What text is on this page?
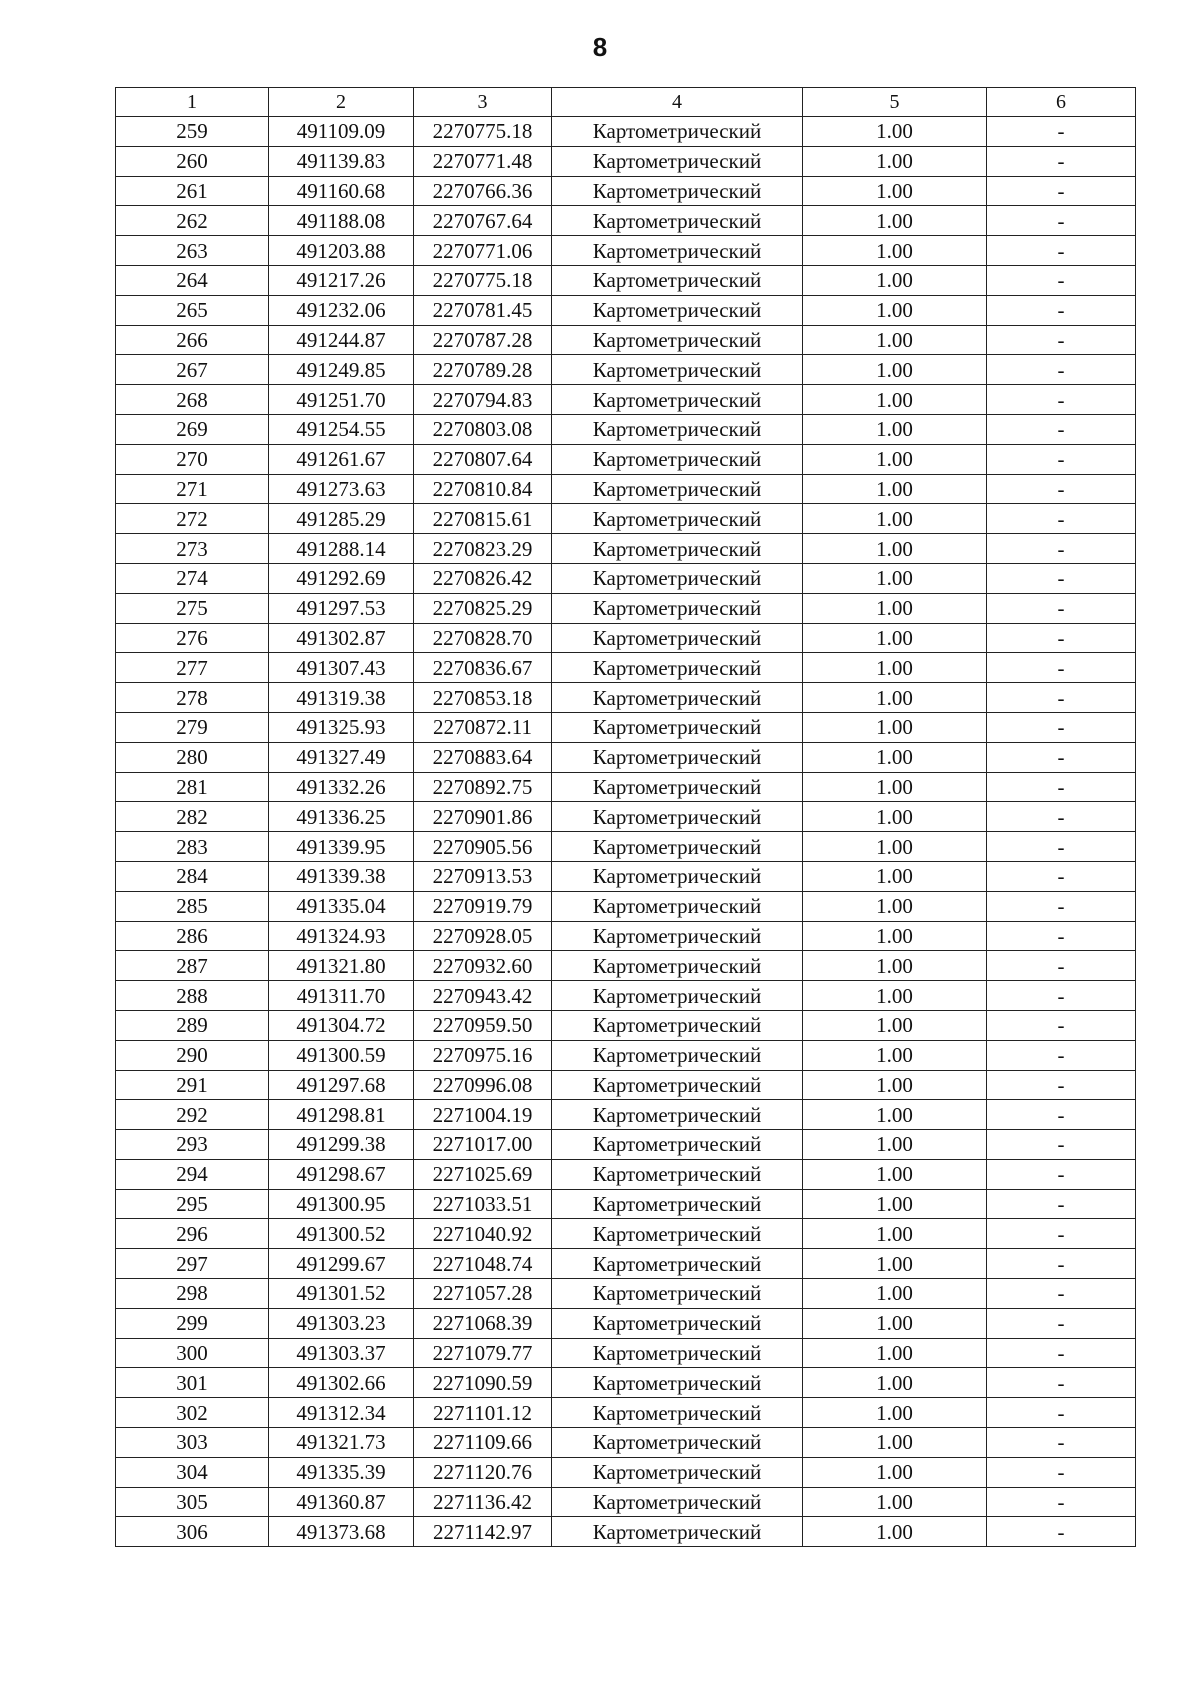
8
1	2	3	4	5	6
259	491109.09	2270775.18	Картометрический	1.00	-
260	491139.83	2270771.48	Картометрический	1.00	-
261	491160.68	2270766.36	Картометрический	1.00	-
262	491188.08	2270767.64	Картометрический	1.00	-
263	491203.88	2270771.06	Картометрический	1.00	-
264	491217.26	2270775.18	Картометрический	1.00	-
265	491232.06	2270781.45	Картометрический	1.00	-
266	491244.87	2270787.28	Картометрический	1.00	-
267	491249.85	2270789.28	Картометрический	1.00	-
268	491251.70	2270794.83	Картометрический	1.00	-
269	491254.55	2270803.08	Картометрический	1.00	-
270	491261.67	2270807.64	Картометрический	1.00	-
271	491273.63	2270810.84	Картометрический	1.00	-
272	491285.29	2270815.61	Картометрический	1.00	-
273	491288.14	2270823.29	Картометрический	1.00	-
274	491292.69	2270826.42	Картометрический	1.00	-
275	491297.53	2270825.29	Картометрический	1.00	-
276	491302.87	2270828.70	Картометрический	1.00	-
277	491307.43	2270836.67	Картометрический	1.00	-
278	491319.38	2270853.18	Картометрический	1.00	-
279	491325.93	2270872.11	Картометрический	1.00	-
280	491327.49	2270883.64	Картометрический	1.00	-
281	491332.26	2270892.75	Картометрический	1.00	-
282	491336.25	2270901.86	Картометрический	1.00	-
283	491339.95	2270905.56	Картометрический	1.00	-
284	491339.38	2270913.53	Картометрический	1.00	-
285	491335.04	2270919.79	Картометрический	1.00	-
286	491324.93	2270928.05	Картометрический	1.00	-
287	491321.80	2270932.60	Картометрический	1.00	-
288	491311.70	2270943.42	Картометрический	1.00	-
289	491304.72	2270959.50	Картометрический	1.00	-
290	491300.59	2270975.16	Картометрический	1.00	-
291	491297.68	2270996.08	Картометрический	1.00	-
292	491298.81	2271004.19	Картометрический	1.00	-
293	491299.38	2271017.00	Картометрический	1.00	-
294	491298.67	2271025.69	Картометрический	1.00	-
295	491300.95	2271033.51	Картометрический	1.00	-
296	491300.52	2271040.92	Картометрический	1.00	-
297	491299.67	2271048.74	Картометрический	1.00	-
298	491301.52	2271057.28	Картометрический	1.00	-
299	491303.23	2271068.39	Картометрический	1.00	-
300	491303.37	2271079.77	Картометрический	1.00	-
301	491302.66	2271090.59	Картометрический	1.00	-
302	491312.34	2271101.12	Картометрический	1.00	-
303	491321.73	2271109.66	Картометрический	1.00	-
304	491335.39	2271120.76	Картометрический	1.00	-
305	491360.87	2271136.42	Картометрический	1.00	-
306	491373.68	2271142.97	Картометрический	1.00	-
